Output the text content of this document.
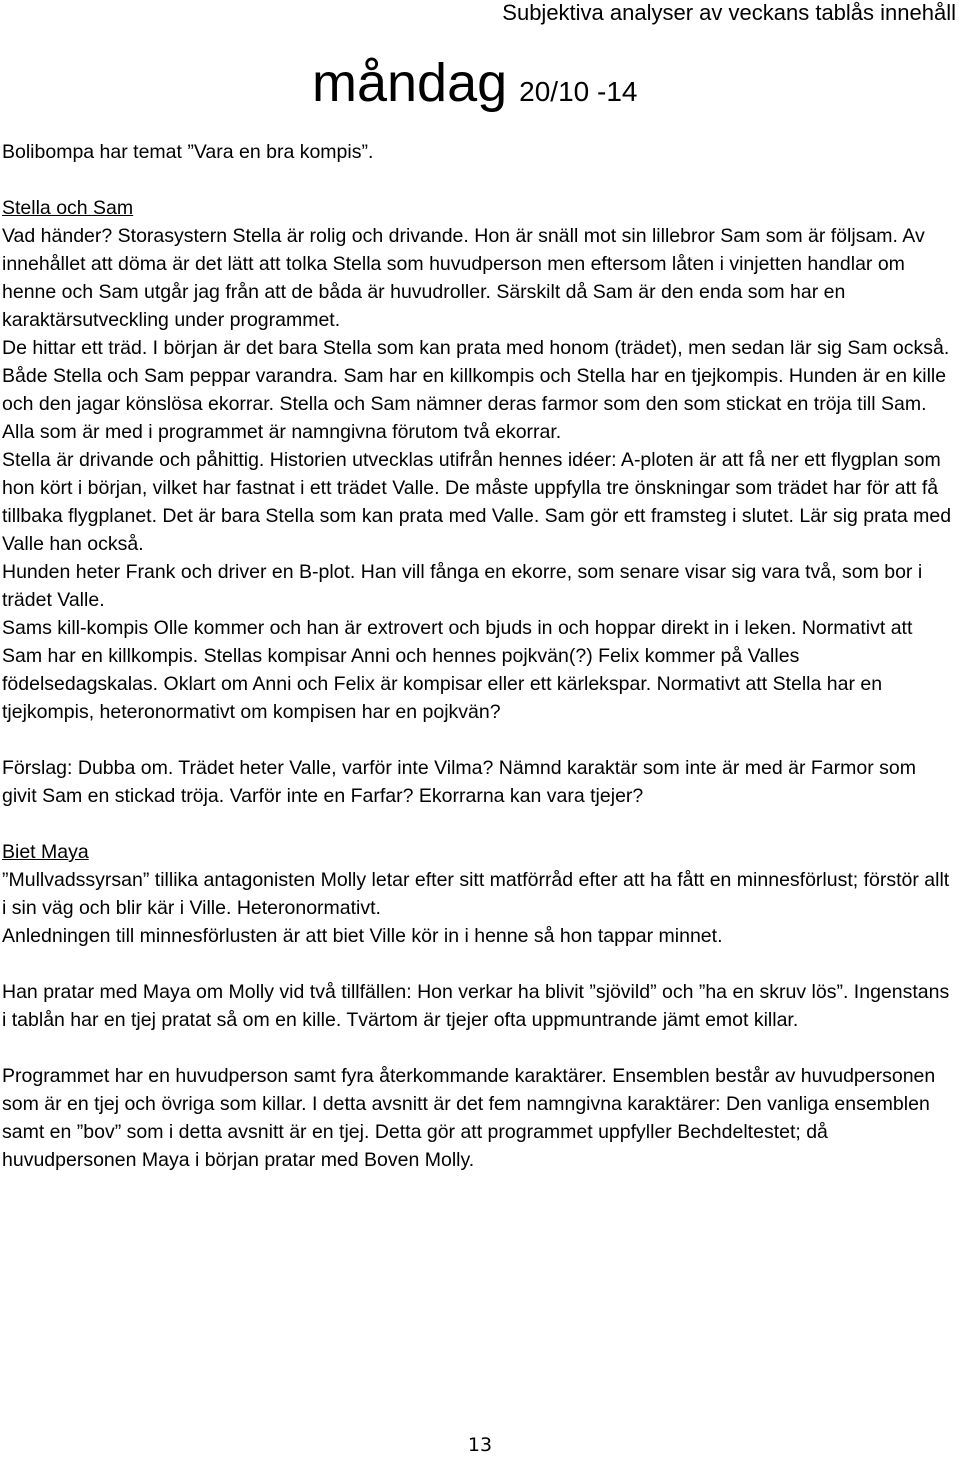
Subjektiva analyser av veckans tablås innehåll
måndag 20/10 -14

Bolibompa har temat ”Vara en bra kompis”.

Stella och Sam

Vad händer? Storasystern Stella är rolig och drivande. Hon är snäll mot sin lillebror Sam som är följsam. Av innehållet att döma är det lätt att tolka Stella som huvudperson men eftersom låten i vinjetten handlar om henne och Sam utgår jag från att de båda är huvudroller. Särskilt då Sam är den enda som har en karaktärsutveckling under programmet.

De hittar ett träd. I början är det bara Stella som kan prata med honom (trädet), men sedan lär sig Sam också.

Både Stella och Sam peppar varandra. Sam har en killkompis och Stella har en tjejkompis. Hunden är en kille och den jagar könslösa ekorrar. Stella och Sam nämner deras farmor som den som stickat en tröja till Sam.

Alla som är med i programmet är namngivna förutom två ekorrar.

Stella är drivande och påhittig. Historien utvecklas utifrån hennes idéer: A-ploten är att få ner ett flygplan som hon kört i början, vilket har fastnat i ett trädet Valle. De måste uppfylla tre önskningar som trädet har för att få tillbaka flygplanet. Det är bara Stella som kan prata med Valle. Sam gör ett framsteg i slutet. Lär sig prata med Valle han också.

Hunden heter Frank och driver en B-plot. Han vill fånga en ekorre, som senare visar sig vara två, som bor i trädet Valle.

Sams kill-kompis Olle kommer och han är extrovert och bjuds in och hoppar direkt in i leken. Normativt att Sam har en killkompis. Stellas kompisar Anni och hennes pojkvän(?) Felix kommer på Valles födelsedagskalas. Oklart om Anni och Felix är kompisar eller ett kärlekspar. Normativt att Stella har en tjejkompis, heteronormativt om kompisen har en pojkvän?

Förslag: Dubba om. Trädet heter Valle, varför inte Vilma? Nämnd karaktär som inte är med är Farmor som givit Sam en stickad tröja. Varför inte en Farfar? Ekorrarna kan vara tjejer?

Biet Maya

”Mullvadssyrsan” tillika antagonisten Molly letar efter sitt matförråd efter att ha fått en minnesförlust; förstör allt i sin väg och blir kär i Ville. Heteronormativt.

Anledningen till minnesförlusten är att biet Ville kör in i henne så hon tappar minnet.

Han pratar med Maya om Molly vid två tillfällen: Hon verkar ha blivit ”sjövild” och ”ha en skruv lös”. Ingenstans i tablån har en tjej pratat så om en kille. Tvärtom är tjejer ofta uppmuntrande jämt emot killar.

Programmet har en huvudperson samt fyra återkommande karaktärer. Ensemblen består av huvudpersonen som är en tjej och övriga som killar. I detta avsnitt är det fem namngivna karaktärer: Den vanliga ensemblen samt en ”bov” som i detta avsnitt är en tjej. Detta gör att programmet uppfyller Bechdeltestet; då huvudpersonen Maya i början pratar med Boven Molly.

13
